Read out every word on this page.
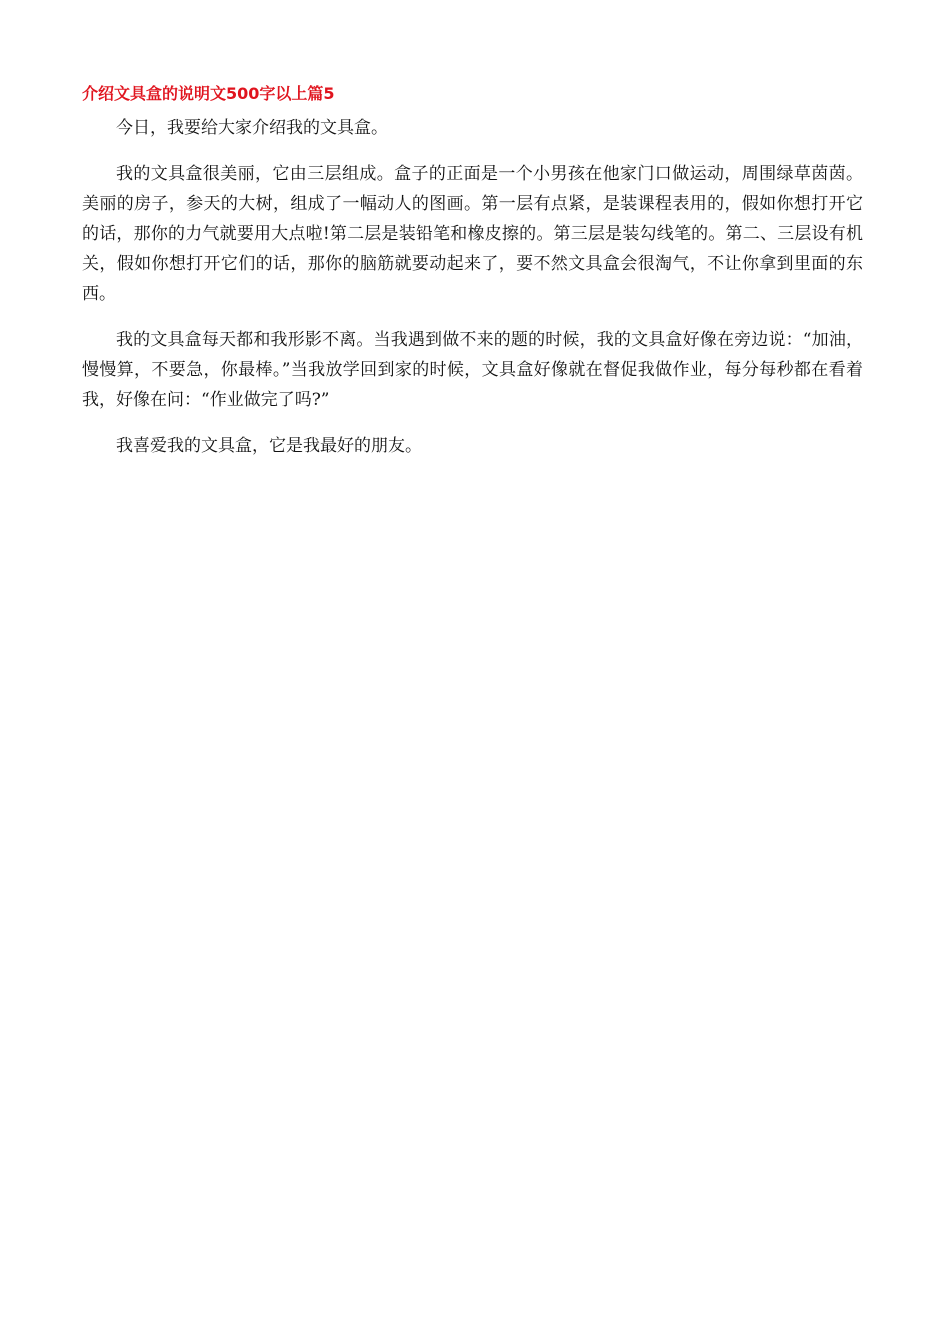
介绍文具盒的说明文500字以上篇5

今日，我要给大家介绍我的文具盒。

我的文具盒很美丽，它由三层组成。盒子的正面是一个小男孩在他家门口做运动，周围绿草茵茵。美丽的房子，参天的大树，组成了一幅动人的图画。第一层有点紧，是装课程表用的，假如你想打开它的话，那你的力气就要用大点啦!第二层是装铅笔和橡皮擦的。第三层是装勾线笔的。第二、三层设有机关，假如你想打开它们的话，那你的脑筋就要动起来了，要不然文具盒会很淘气，不让你拿到里面的东西。

我的文具盒每天都和我形影不离。当我遇到做不来的题的时候，我的文具盒好像在旁边说：“加油，慢慢算，不要急，你最棒。”当我放学回到家的时候，文具盒好像就在督促我做作业，每分每秒都在看着我，好像在问：“作业做完了吗?”

我喜爱我的文具盒，它是我最好的朋友。
